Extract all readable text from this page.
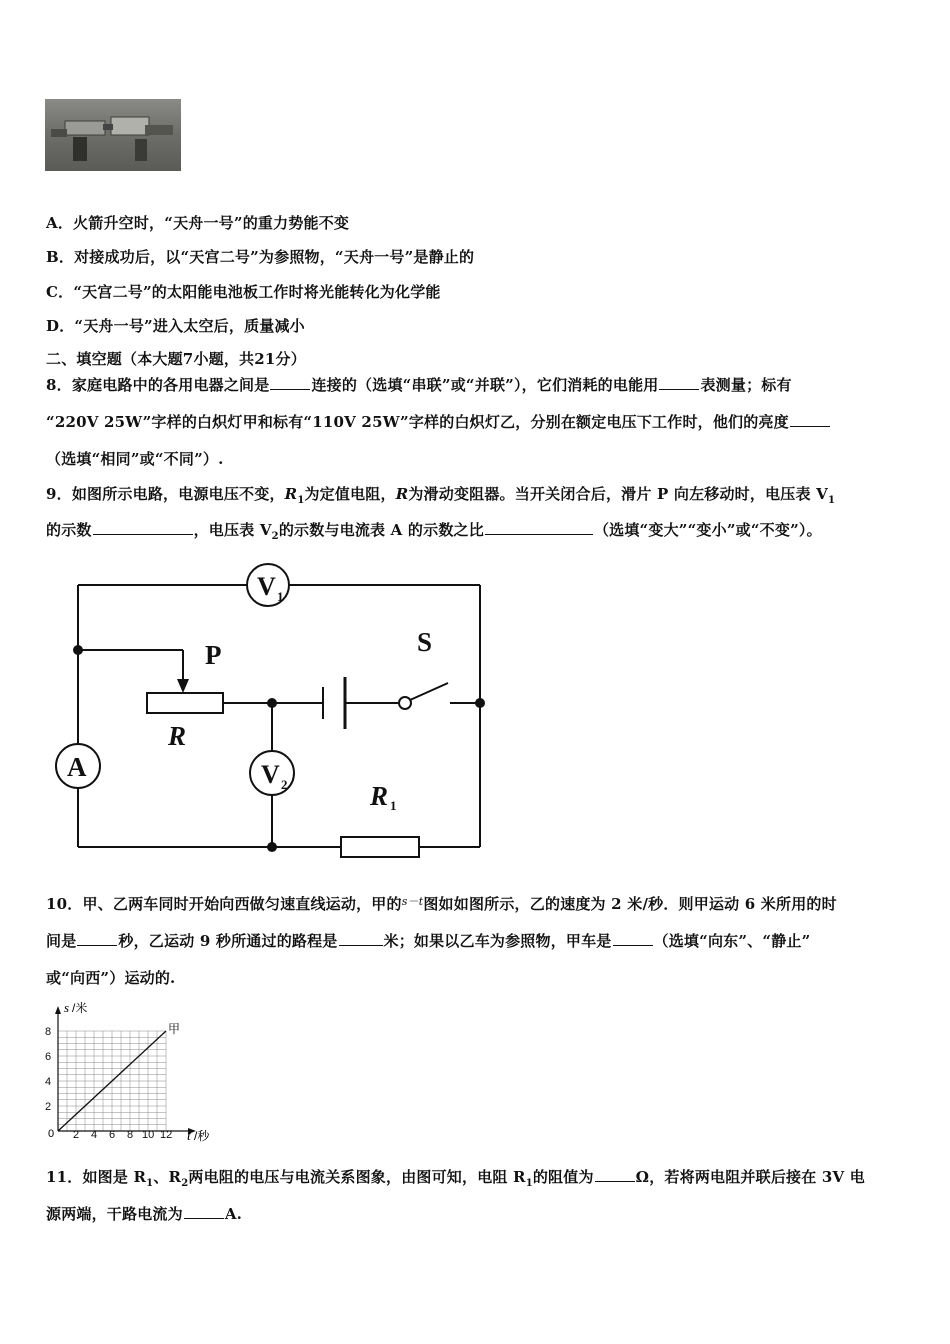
A．火箭升空时，“天舟一号”的重力势能不变
B．对接成功后，以“天宫二号”为参照物，“天舟一号”是静止的
C．“天宫二号”的太阳能电池板工作时将光能转化为化学能
D．“天舟一号”进入太空后，质量减小
二、填空题（本大题7小题，共21分）
8．家庭电路中的各用电器之间是	连接的（选填“串联”或“并联”），它们消耗的电能用	表测量；标有
“220V 25W”字样的白炽灯甲和标有“110V 25W”字样的白炽灯乙，分别在额定电压下工作时，他们的亮度
（选填“相同”或“不同”）.
9．如图所示电路，电源电压不变，$R_1$为定值电阻，R为滑动变阻器。当开关闭合后，滑片 P 向左移动时，电压表 $V_1$
的示数	，电压表 $V_2$的示数与电流表 A 的示数之比	（选填“变大”“变小”或“不变”）。
V 1
V 2
A
P	S
R
R 1
10．甲、乙两车同时开始向西做匀速直线运动，甲的$^{s-t}$图如如图所示，乙的速度为 2 米/秒．则甲运动 6 米所用的时
间是	秒，乙运动 9 秒所通过的路程是	米；如果以乙车为参照物，甲车是	（选填“向东”、“静止”
或“向西”）运动的.
2
4
6
8
2 4 6 8 10 12
甲
s /米
t /秒
0
11．如图是 $R_1$、$R_2$两电阻的电压与电流关系图象，由图可知，电阻 $R_1$的阻值为	Ω，若将两电阻并联后接在 3V 电
源两端，干路电流为	A.
